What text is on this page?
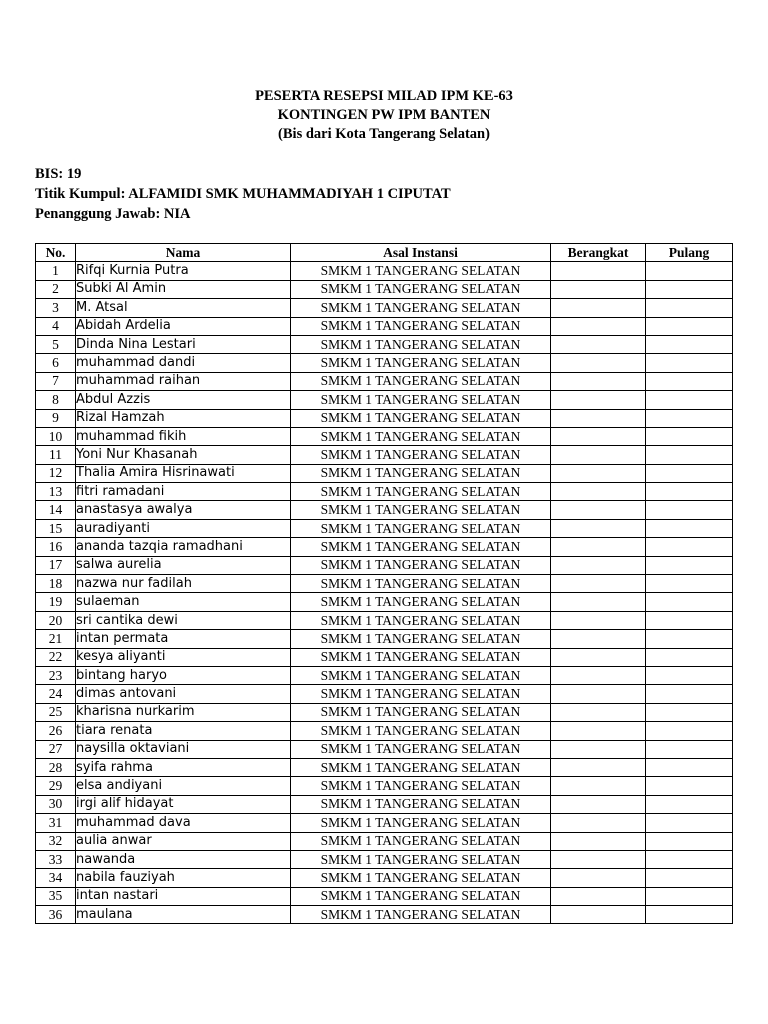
PESERTA RESEPSI MILAD IPM KE-63
KONTINGEN PW IPM BANTEN
(Bis dari Kota Tangerang Selatan)
BIS: 19
Titik Kumpul: ALFAMIDI SMK MUHAMMADIYAH 1 CIPUTAT
Penanggung Jawab: NIA
No.	Nama	Asal Instansi	Berangkat	Pulang
1	Rifqi Kurnia Putra	SMKM 1 TANGERANG SELATAN		
2	Subki Al Amin	SMKM 1 TANGERANG SELATAN		
3	M. Atsal	SMKM 1 TANGERANG SELATAN		
4	Abidah Ardelia	SMKM 1 TANGERANG SELATAN		
5	Dinda Nina Lestari	SMKM 1 TANGERANG SELATAN		
6	muhammad dandi	SMKM 1 TANGERANG SELATAN		
7	muhammad raihan	SMKM 1 TANGERANG SELATAN		
8	Abdul Azzis	SMKM 1 TANGERANG SELATAN		
9	Rizal Hamzah	SMKM 1 TANGERANG SELATAN		
10	muhammad fikih	SMKM 1 TANGERANG SELATAN		
11	Yoni Nur Khasanah	SMKM 1 TANGERANG SELATAN		
12	Thalia Amira Hisrinawati	SMKM 1 TANGERANG SELATAN		
13	fitri ramadani	SMKM 1 TANGERANG SELATAN		
14	anastasya awalya	SMKM 1 TANGERANG SELATAN		
15	auradiyanti	SMKM 1 TANGERANG SELATAN		
16	ananda tazqia ramadhani	SMKM 1 TANGERANG SELATAN		
17	salwa aurelia	SMKM 1 TANGERANG SELATAN		
18	nazwa nur fadilah	SMKM 1 TANGERANG SELATAN		
19	sulaeman	SMKM 1 TANGERANG SELATAN		
20	sri cantika dewi	SMKM 1 TANGERANG SELATAN		
21	intan permata	SMKM 1 TANGERANG SELATAN		
22	kesya aliyanti	SMKM 1 TANGERANG SELATAN		
23	bintang haryo	SMKM 1 TANGERANG SELATAN		
24	dimas antovani	SMKM 1 TANGERANG SELATAN		
25	kharisna nurkarim	SMKM 1 TANGERANG SELATAN		
26	tiara renata	SMKM 1 TANGERANG SELATAN		
27	naysilla oktaviani	SMKM 1 TANGERANG SELATAN		
28	syifa rahma	SMKM 1 TANGERANG SELATAN		
29	elsa andiyani	SMKM 1 TANGERANG SELATAN		
30	irgi alif hidayat	SMKM 1 TANGERANG SELATAN		
31	muhammad dava	SMKM 1 TANGERANG SELATAN		
32	aulia anwar	SMKM 1 TANGERANG SELATAN		
33	nawanda	SMKM 1 TANGERANG SELATAN		
34	nabila fauziyah	SMKM 1 TANGERANG SELATAN		
35	intan nastari	SMKM 1 TANGERANG SELATAN		
36	maulana	SMKM 1 TANGERANG SELATAN		
